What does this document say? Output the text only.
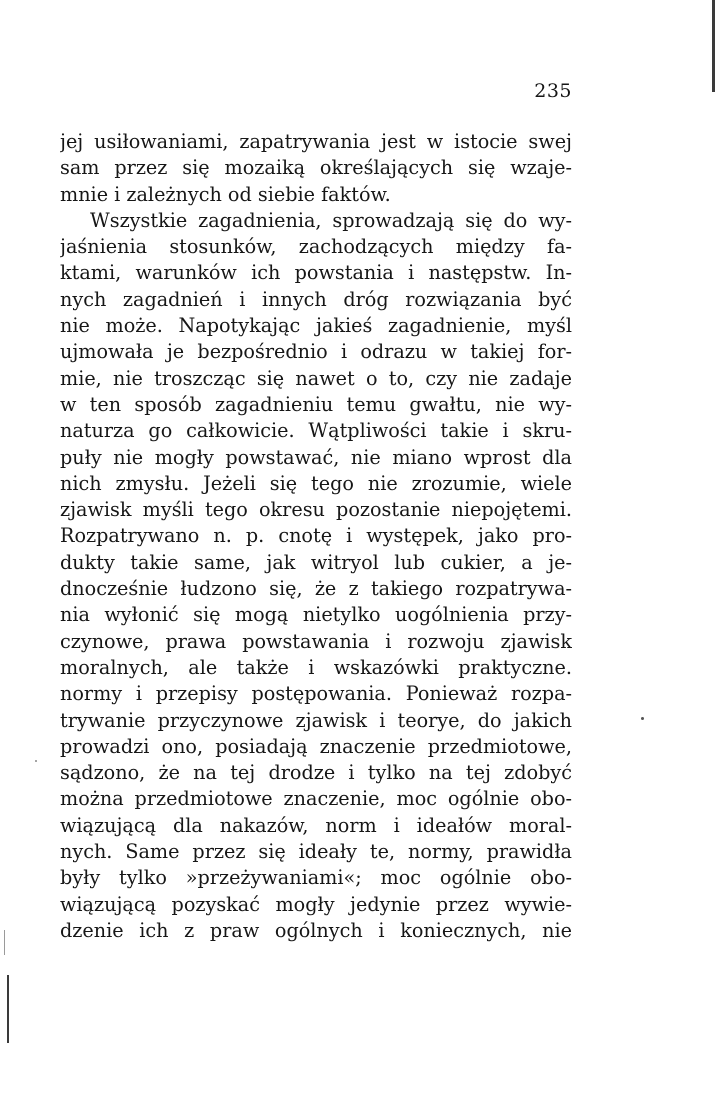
235
jej usiłowaniami, zapatrywania jest w istocie swej
sam przez się mozaiką określających się wzaje-
mnie i zależnych od siebie faktów.
Wszystkie zagadnienia, sprowadzają się do wy-
jaśnienia stosunków, zachodzących między fa-
ktami, warunków ich powstania i następstw. In-
nych zagadnień i innych dróg rozwiązania być
nie może. Napotykając jakieś zagadnienie, myśl
ujmowała je bezpośrednio i odrazu w takiej for-
mie, nie troszcząc się nawet o to, czy nie zadaje
w ten sposób zagadnieniu temu gwałtu, nie wy-
naturza go całkowicie. Wątpliwości takie i skru-
puły nie mogły powstawać, nie miano wprost dla
nich zmysłu. Jeżeli się tego nie zrozumie, wiele
zjawisk myśli tego okresu pozostanie niepojętemi.
Rozpatrywano n. p. cnotę i występek, jako pro-
dukty takie same, jak witryol lub cukier, a je-
dnocześnie łudzono się, że z takiego rozpatrywa-
nia wyłonić się mogą nietylko uogólnienia przy-
czynowe, prawa powstawania i rozwoju zjawisk
moralnych, ale także i wskazówki praktyczne.
normy i przepisy postępowania. Ponieważ rozpa-
trywanie przyczynowe zjawisk i teorye, do jakich
prowadzi ono, posiadają znaczenie przedmiotowe,
sądzono, że na tej drodze i tylko na tej zdobyć
można przedmiotowe znaczenie, moc ogólnie obo-
wiązującą dla nakazów, norm i ideałów moral-
nych. Same przez się ideały te, normy, prawidła
były tylko »przeżywaniami«; moc ogólnie obo-
wiązującą pozyskać mogły jedynie przez wywie-
dzenie ich z praw ogólnych i koniecznych, nie
